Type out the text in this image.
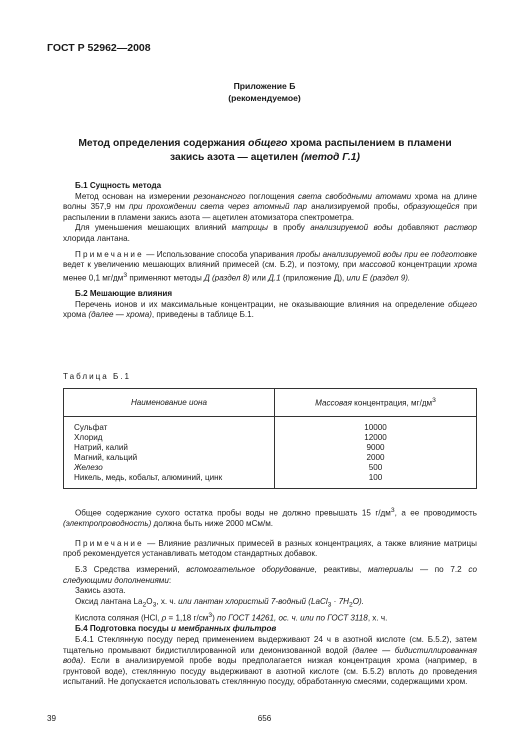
ГОСТ Р 52962—2008
Приложение Б
(рекомендуемое)
Метод определения содержания общего хрома распылением в пламени
закись азота — ацетилен (метод Г.1)

Б.1 Сущность метода

Метод основан на измерении резонансного поглощения света свободными атомами хрома на длине волны 357,9 нм при прохождении света через атомный пар анализируемой пробы, образующейся при распылении в пламени закись азота — ацетилен атомизатора спектрометра.

Для уменьшения мешающих влияний матрицы в пробу анализируемой воды добавляют раствор хлорида лантана.

Примечание — Использование способа упаривания пробы анализируемой воды при ее подготовке ведет к увеличению мешающих влияний примесей (см. Б.2), и поэтому, при массовой концентрации хрома менее 0,1 $мг/дм^3$ применяют методы Д (раздел 8) или Д.1 (приложение Д), или Е (раздел 9).

Б.2 Мешающие влияния

Перечень ионов и их максимальные концентрации, не оказывающие влияния на определение общего хрома (далее — хрома), приведены в таблице Б.1.

Таблица Б.1
Наименование иона	Массовая концентрация, $мг/дм^3$
Сульфат	10000
Хлорид	12000
Натрий, калий	9000
Магний, кальций	2000
Железо	500
Никель, медь, кобальт, алюминий, цинк	100

Общее содержание сухого остатка пробы воды не должно превышать 15 $г/дм^3$, а ее проводимость (электропроводность) должна быть ниже 2000 мСм/м.

Примечание — Влияние различных примесей в разных концентрациях, а также влияние матрицы проб рекомендуется устанавливать методом стандартных добавок.

Б.3 Средства измерений, вспомогательное оборудование, реактивы, материалы — по 7.2 со следующими дополнениями:

Закись азота.

Оксид лантана $La_2O_3$, х. ч. или лантан хлористый 7-водный (LaCl$_3$ · $7H_2O$).

Кислота соляная (HCl, ρ = 1,18 $г/см^3$) по ГОСТ 14261, ос. ч. или по ГОСТ 3118, х. ч.

Б.4 Подготовка посуды и мембранных фильтров

Б.4.1 Стеклянную посуду перед применением выдерживают 24 ч в азотной кислоте (см. Б.5.2), затем тщательно промывают бидистиллированной или деионизованной водой (далее — бидистиллированная вода). Если в анализируемой пробе воды предполагается низкая концентрация хрома (например, в грунтовой воде), стеклянную посуду выдерживают в азотной кислоте (см. Б.5.2) вплоть до проведения испытаний. Не допускается использовать стеклянную посуду, обработанную смесями, содержащими хром.

39	656
